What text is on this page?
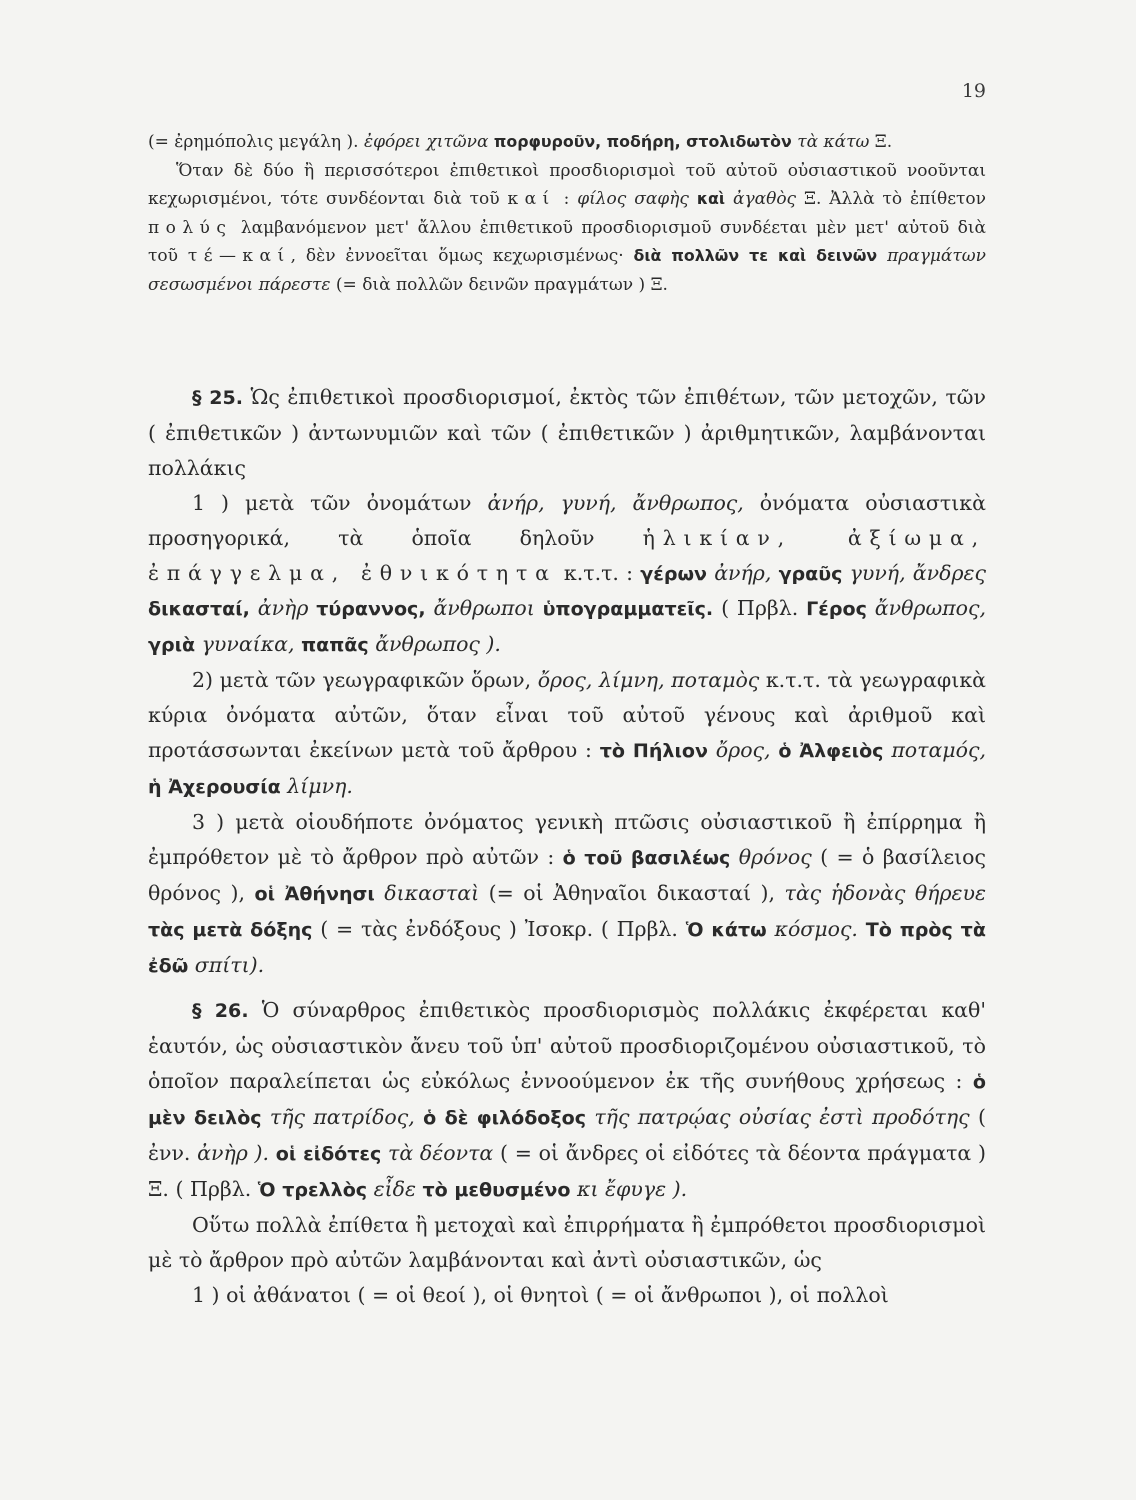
19

(= ἐρημόπολις μεγάλη ). ἐφόρει χιτῶνα πορφυροῦν, ποδήρη, στολιδωτὸν τὰ κάτω Ξ.

Ὅταν δὲ δύο ἢ περισσότεροι ἐπιθετικοὶ προσδιορισμοὶ τοῦ αὐτοῦ οὐσιαστικοῦ νοοῦνται κεχωρισμένοι, τότε συνδέονται διὰ τοῦ καί : φίλος σαφὴς καὶ ἀγαθὸς Ξ. Ἀλλὰ τὸ ἐπίθετον πολύς λαμβανόμενον μετ' ἄλλου ἐπιθετικοῦ προσδιορισμοῦ συνδέεται μὲν μετ' αὐτοῦ διὰ τοῦ τέ—καί, δὲν ἐννοεῖται ὅμως κεχωρισμένως· διὰ πολλῶν τε καὶ δεινῶν πραγμάτων σεσωσμένοι πάρεστε (= διὰ πολλῶν δεινῶν πραγμάτων ) Ξ.

§ 25. Ὡς ἐπιθετικοὶ προσδιορισμοί, ἐκτὸς τῶν ἐπιθέτων, τῶν μετοχῶν, τῶν ( ἐπιθετικῶν ) ἀντωνυμιῶν καὶ τῶν ( ἐπιθετικῶν ) ἀριθμητικῶν, λαμβάνονται πολλάκις

1 ) μετὰ τῶν ὀνομάτων ἀνήρ, γυνή, ἄνθρωπος, ὀνόματα οὐσιαστικὰ προσηγορικά, τὰ ὁποῖα δηλοῦν ἡλικίαν, ἀξίωμα, ἐπάγγελμα, ἐθνικότητα κ.τ.τ. : γέρων ἀνήρ, γραῦς γυνή, ἄνδρες δικασταί, ἀνὴρ τύραννος, ἄνθρωποι ὑπογραμματεῖς. ( Πρβλ. Γέρος ἄνθρωπος, γριὰ γυναίκα, παπᾶς ἄνθρωπος ).

2) μετὰ τῶν γεωγραφικῶν ὅρων, ὄρος, λίμνη, ποταμὸς κ.τ.τ. τὰ γεωγραφικὰ κύρια ὀνόματα αὐτῶν, ὅταν εἶναι τοῦ αὐτοῦ γένους καὶ ἀριθμοῦ καὶ προτάσσωνται ἐκείνων μετὰ τοῦ ἄρθρου : τὸ Πήλιον ὄρος, ὁ Ἀλφειὸς ποταμός, ἡ Ἀχερουσία λίμνη.

3 ) μετὰ οἱουδήποτε ὀνόματος γενικὴ πτῶσις οὐσιαστικοῦ ἢ ἐπίρρημα ἢ ἐμπρόθετον μὲ τὸ ἄρθρον πρὸ αὐτῶν : ὁ τοῦ βασιλέως θρόνος ( = ὁ βασίλειος θρόνος ), οἱ Ἀθήνησι δικασταὶ (= οἱ Ἀθηναῖοι δικασταί ), τὰς ἡδονὰς θήρευε τὰς μετὰ δόξης ( = τὰς ἐνδόξους ) Ἰσοκρ. ( Πρβλ. Ὁ κάτω κόσμος. Τὸ πρὸς τὰ ἐδῶ σπίτι).

§ 26. Ὁ σύναρθρος ἐπιθετικὸς προσδιορισμὸς πολλάκις ἐκφέρεται καθ' ἑαυτόν, ὡς οὐσιαστικὸν ἄνευ τοῦ ὑπ' αὐτοῦ προσδιοριζομένου οὐσιαστικοῦ, τὸ ὁποῖον παραλείπεται ὡς εὐκόλως ἐννοούμενον ἐκ τῆς συνήθους χρήσεως : ὁ μὲν δειλὸς τῆς πατρίδος, ὁ δὲ φιλόδοξος τῆς πατρῴας οὐσίας ἐστὶ προδότης ( ἐνν. ἀνὴρ ). οἱ εἰδότες τὰ δέοντα ( = οἱ ἄνδρες οἱ εἰδότες τὰ δέοντα πράγματα ) Ξ. ( Πρβλ. Ὁ τρελλὸς εἶδε τὸ μεθυσμένο κι ἔφυγε ).

Οὕτω πολλὰ ἐπίθετα ἢ μετοχαὶ καὶ ἐπιρρήματα ἢ ἐμπρόθετοι προσδιορισμοὶ μὲ τὸ ἄρθρον πρὸ αὐτῶν λαμβάνονται καὶ ἀντὶ οὐσιαστικῶν, ὡς

1 ) οἱ ἀθάνατοι ( = οἱ θεοί ), οἱ θνητοὶ ( = οἱ ἄνθρωποι ), οἱ πολλοὶ
